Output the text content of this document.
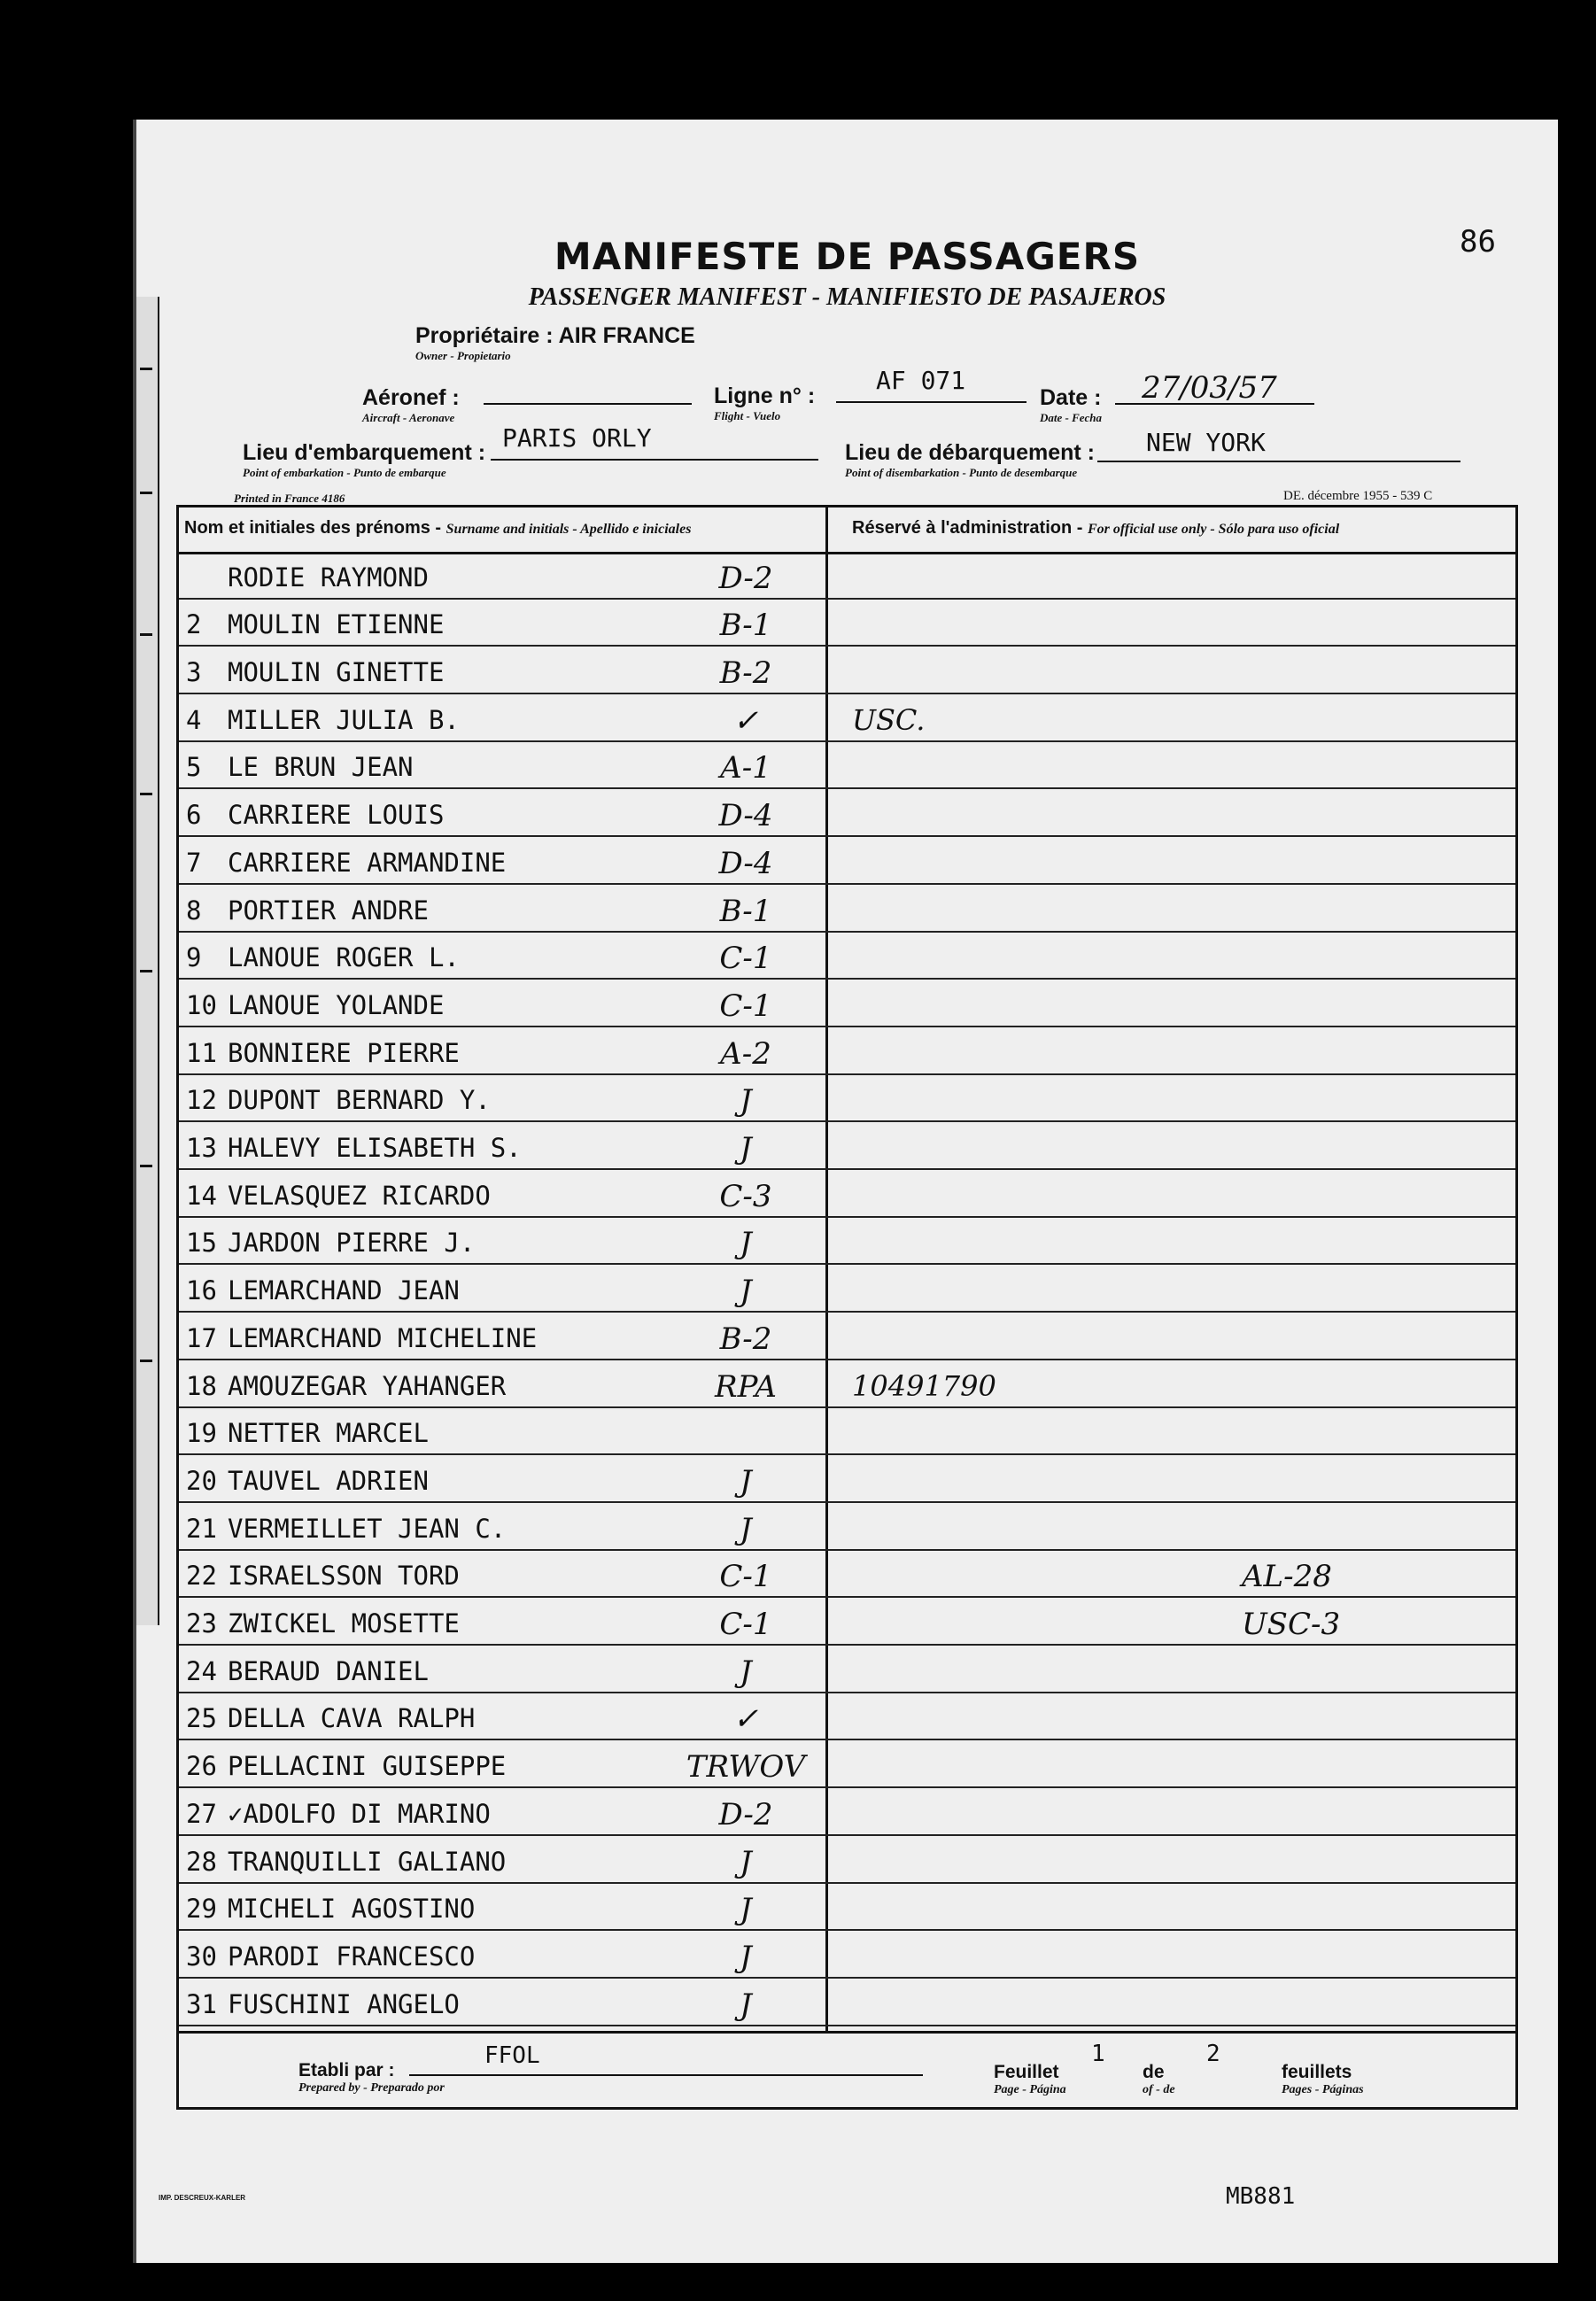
MANIFESTE DE PASSAGERS
PASSENGER MANIFEST - MANIFIESTO DE PASAJEROS
86
Propriétaire : AIR FRANCE
Owner - Propietario
Aéronef :
Aircraft - Aeronave
Ligne n° :
Flight - Vuelo
AF 071
Date :
Date - Fecha
27/03/57
Lieu d'embarquement :
Point of embarkation - Punto de embarque
PARIS ORLY	Lieu de débarquement :
Point of disembarkation - Punto de desembarque
NEW YORK
Printed in France 4186	DE. décembre 1955 - 539 C
Nom et initiales des prénoms - Surname and initials - Apellido e iniciales	Réservé à l'administration - For official use only - Sólo para uso oficial
RODIE RAYMOND	D-2
2	MOULIN ETIENNE	B-1
3	MOULIN GINETTE	B-2
4	MILLER JULIA B.	✓	USC.
5	LE BRUN JEAN	A-1
6	CARRIERE LOUIS	D-4
7	CARRIERE ARMANDINE	D-4
8	PORTIER ANDRE	B-1
9	LANOUE ROGER L.	C-1
10 LANOUE YOLANDE	C-1
11 BONNIERE PIERRE	A-2
12 DUPONT BERNARD Y.	J
13 HALEVY ELISABETH S.	J
14 VELASQUEZ RICARDO	C-3
15 JARDON PIERRE J.	J
16 LEMARCHAND JEAN	J
17 LEMARCHAND MICHELINE	B-2
18 AMOUZEGAR YAHANGER	RPA	10491790
19 NETTER MARCEL
20 TAUVEL ADRIEN	J
21 VERMEILLET JEAN C.	J
22 ISRAELSSON TORD	C-1	AL-28
23 ZWICKEL MOSETTE	C-1	USC-3
24 BERAUD DANIEL	J
25 DELLA CAVA RALPH	✓
26 PELLACINI GUISEPPE	TRWOV
27 ✓ADOLFO DI MARINO	D-2
28 TRANQUILLI GALIANO	J
29 MICHELI AGOSTINO	J
30 PARODI FRANCESCO	J
31 FUSCHINI ANGELO	J
Etabli par :
Prepared by - Preparado por
FFOL
Feuillet
Page - Página
1
de
of - de
2
feuillets
Pages - Páginas
MB881
IMP. DESCREUX-KARLER
